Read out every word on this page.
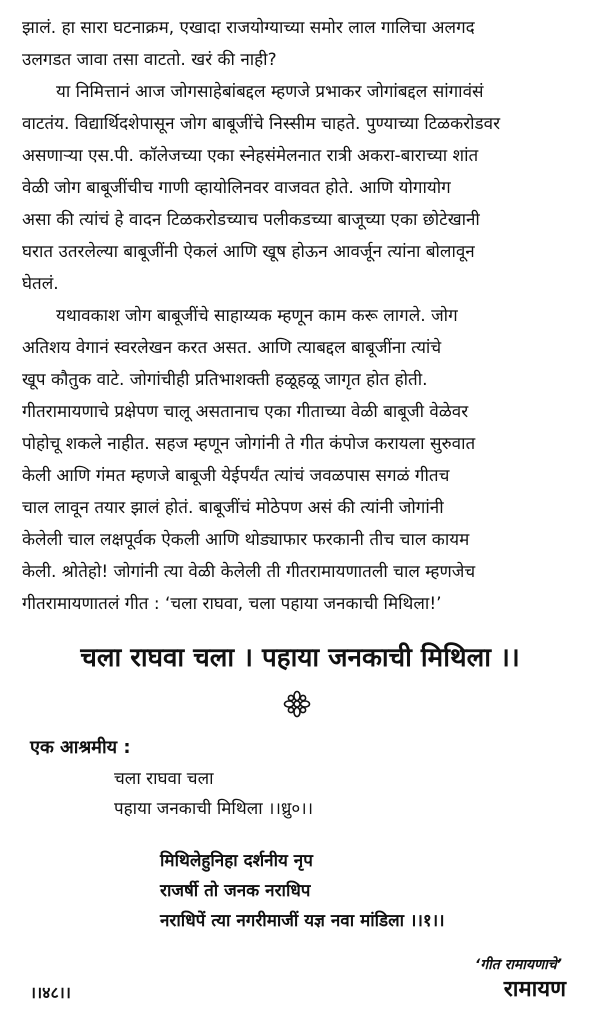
झालं. हा सारा घटनाक्रम, एखादा राजयोग्याच्या समोर लाल गालिचा अलगद
उलगडत जावा तसा वाटतो. खरं की नाही?
या निमित्तानं आज जोगसाहेबांबद्दल म्हणजे प्रभाकर जोगांबद्दल सांगावंसं
वाटतंय. विद्यार्थिदशेपासून जोग बाबूजींचे निस्सीम चाहते. पुण्याच्या टिळकरोडवर
असणाऱ्या एस.पी. कॉलेजच्या एका स्नेहसंमेलनात रात्री अकरा-बाराच्या शांत
वेळी जोग बाबूजींचीच गाणी व्हायोलिनवर वाजवत होते. आणि योगायोग
असा की त्यांचं हे वादन टिळकरोडच्याच पलीकडच्या बाजूच्या एका छोटेखानी
घरात उतरलेल्या बाबूजींनी ऐकलं आणि खूष होऊन आवर्जून त्यांना बोलावून
घेतलं.
यथावकाश जोग बाबूजींचे साहाय्यक म्हणून काम करू लागले. जोग
अतिशय वेगानं स्वरलेखन करत असत. आणि त्याबद्दल बाबूजींना त्यांचे
खूप कौतुक वाटे. जोगांचीही प्रतिभाशक्ती हळूहळू जागृत होत होती.
गीतरामायणाचे प्रक्षेपण चालू असतानाच एका गीताच्या वेळी बाबूजी वेळेवर
पोहोचू शकले नाहीत. सहज म्हणून जोगांनी ते गीत कंपोज करायला सुरुवात
केली आणि गंमत म्हणजे बाबूजी येईपर्यंत त्यांचं जवळपास सगळं गीतच
चाल लावून तयार झालं होतं. बाबूजींचं मोठेपण असं की त्यांनी जोगांनी
केलेली चाल लक्षपूर्वक ऐकली आणि थोड्याफार फरकानी तीच चाल कायम
केली. श्रोतेहो! जोगांनी त्या वेळी केलेली ती गीतरामायणातली चाल म्हणजेच
गीतरामायणातलं गीत : ‘चला राघवा, चला पहाया जनकाची मिथिला!’
चला राघवा चला । पहाया जनकाची मिथिला ।।
एक आश्रमीय :
चला राघवा चला
पहाया जनकाची मिथिला ।।ध्रु०।।
मिथिलेहुनिहा दर्शनीय नृप
राजर्षी तो जनक नराधिप
नराधिपें त्या नगरीमाजीं यज्ञ नवा मांडिला ।।१।।
।।४८।।
‘गीत रामायणाचे’
रामायण
